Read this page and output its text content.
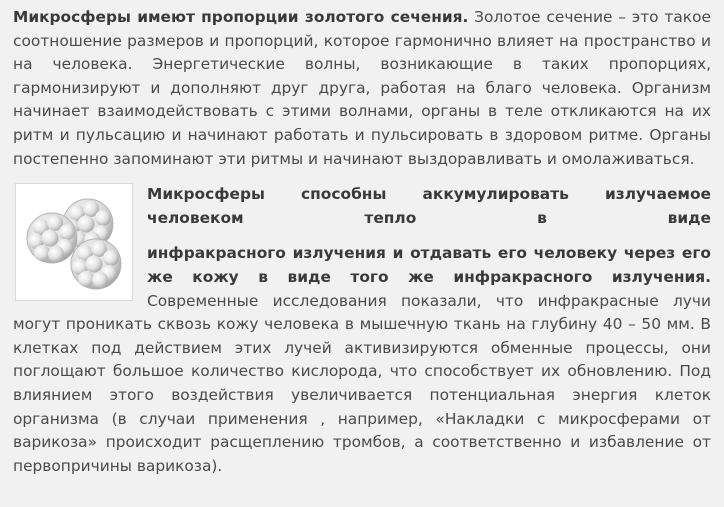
Микросферы имеют пропорции золотого сечения. Золотое сечение – это такое соотношение размеров и пропорций, которое гармонично влияет на пространство и на человека. Энергетические волны, возникающие в таких пропорциях, гармонизируют и дополняют друг друга, работая на благо человека. Организм начинает взаимодействовать с этими волнами, органы в теле откликаются на их ритм и пульсацию и начинают работать и пульсировать в здоровом ритме. Органы постепенно запоминают эти ритмы и начинают выздоравливать и омолаживаться.

Микросферы способны аккумулировать излучаемое человеком тепло в виде

инфракрасного излучения и отдавать его человеку через его же кожу в виде того же инфракрасного излучения. Современные исследования показали, что инфракрасные лучи могут проникать сквозь кожу человека в мышечную ткань на глубину 40 – 50 мм. В клетках под действием этих лучей активизируются обменные процессы, они поглощают большое количество кислорода, что способствует их обновлению. Под влиянием этого воздействия увеличивается потенциальная энергия клеток организма (в случаи применения , например, «Накладки с микросферами от варикоза» происходит расщеплению тромбов, а соответственно и избавление от первопричины варикоза).
